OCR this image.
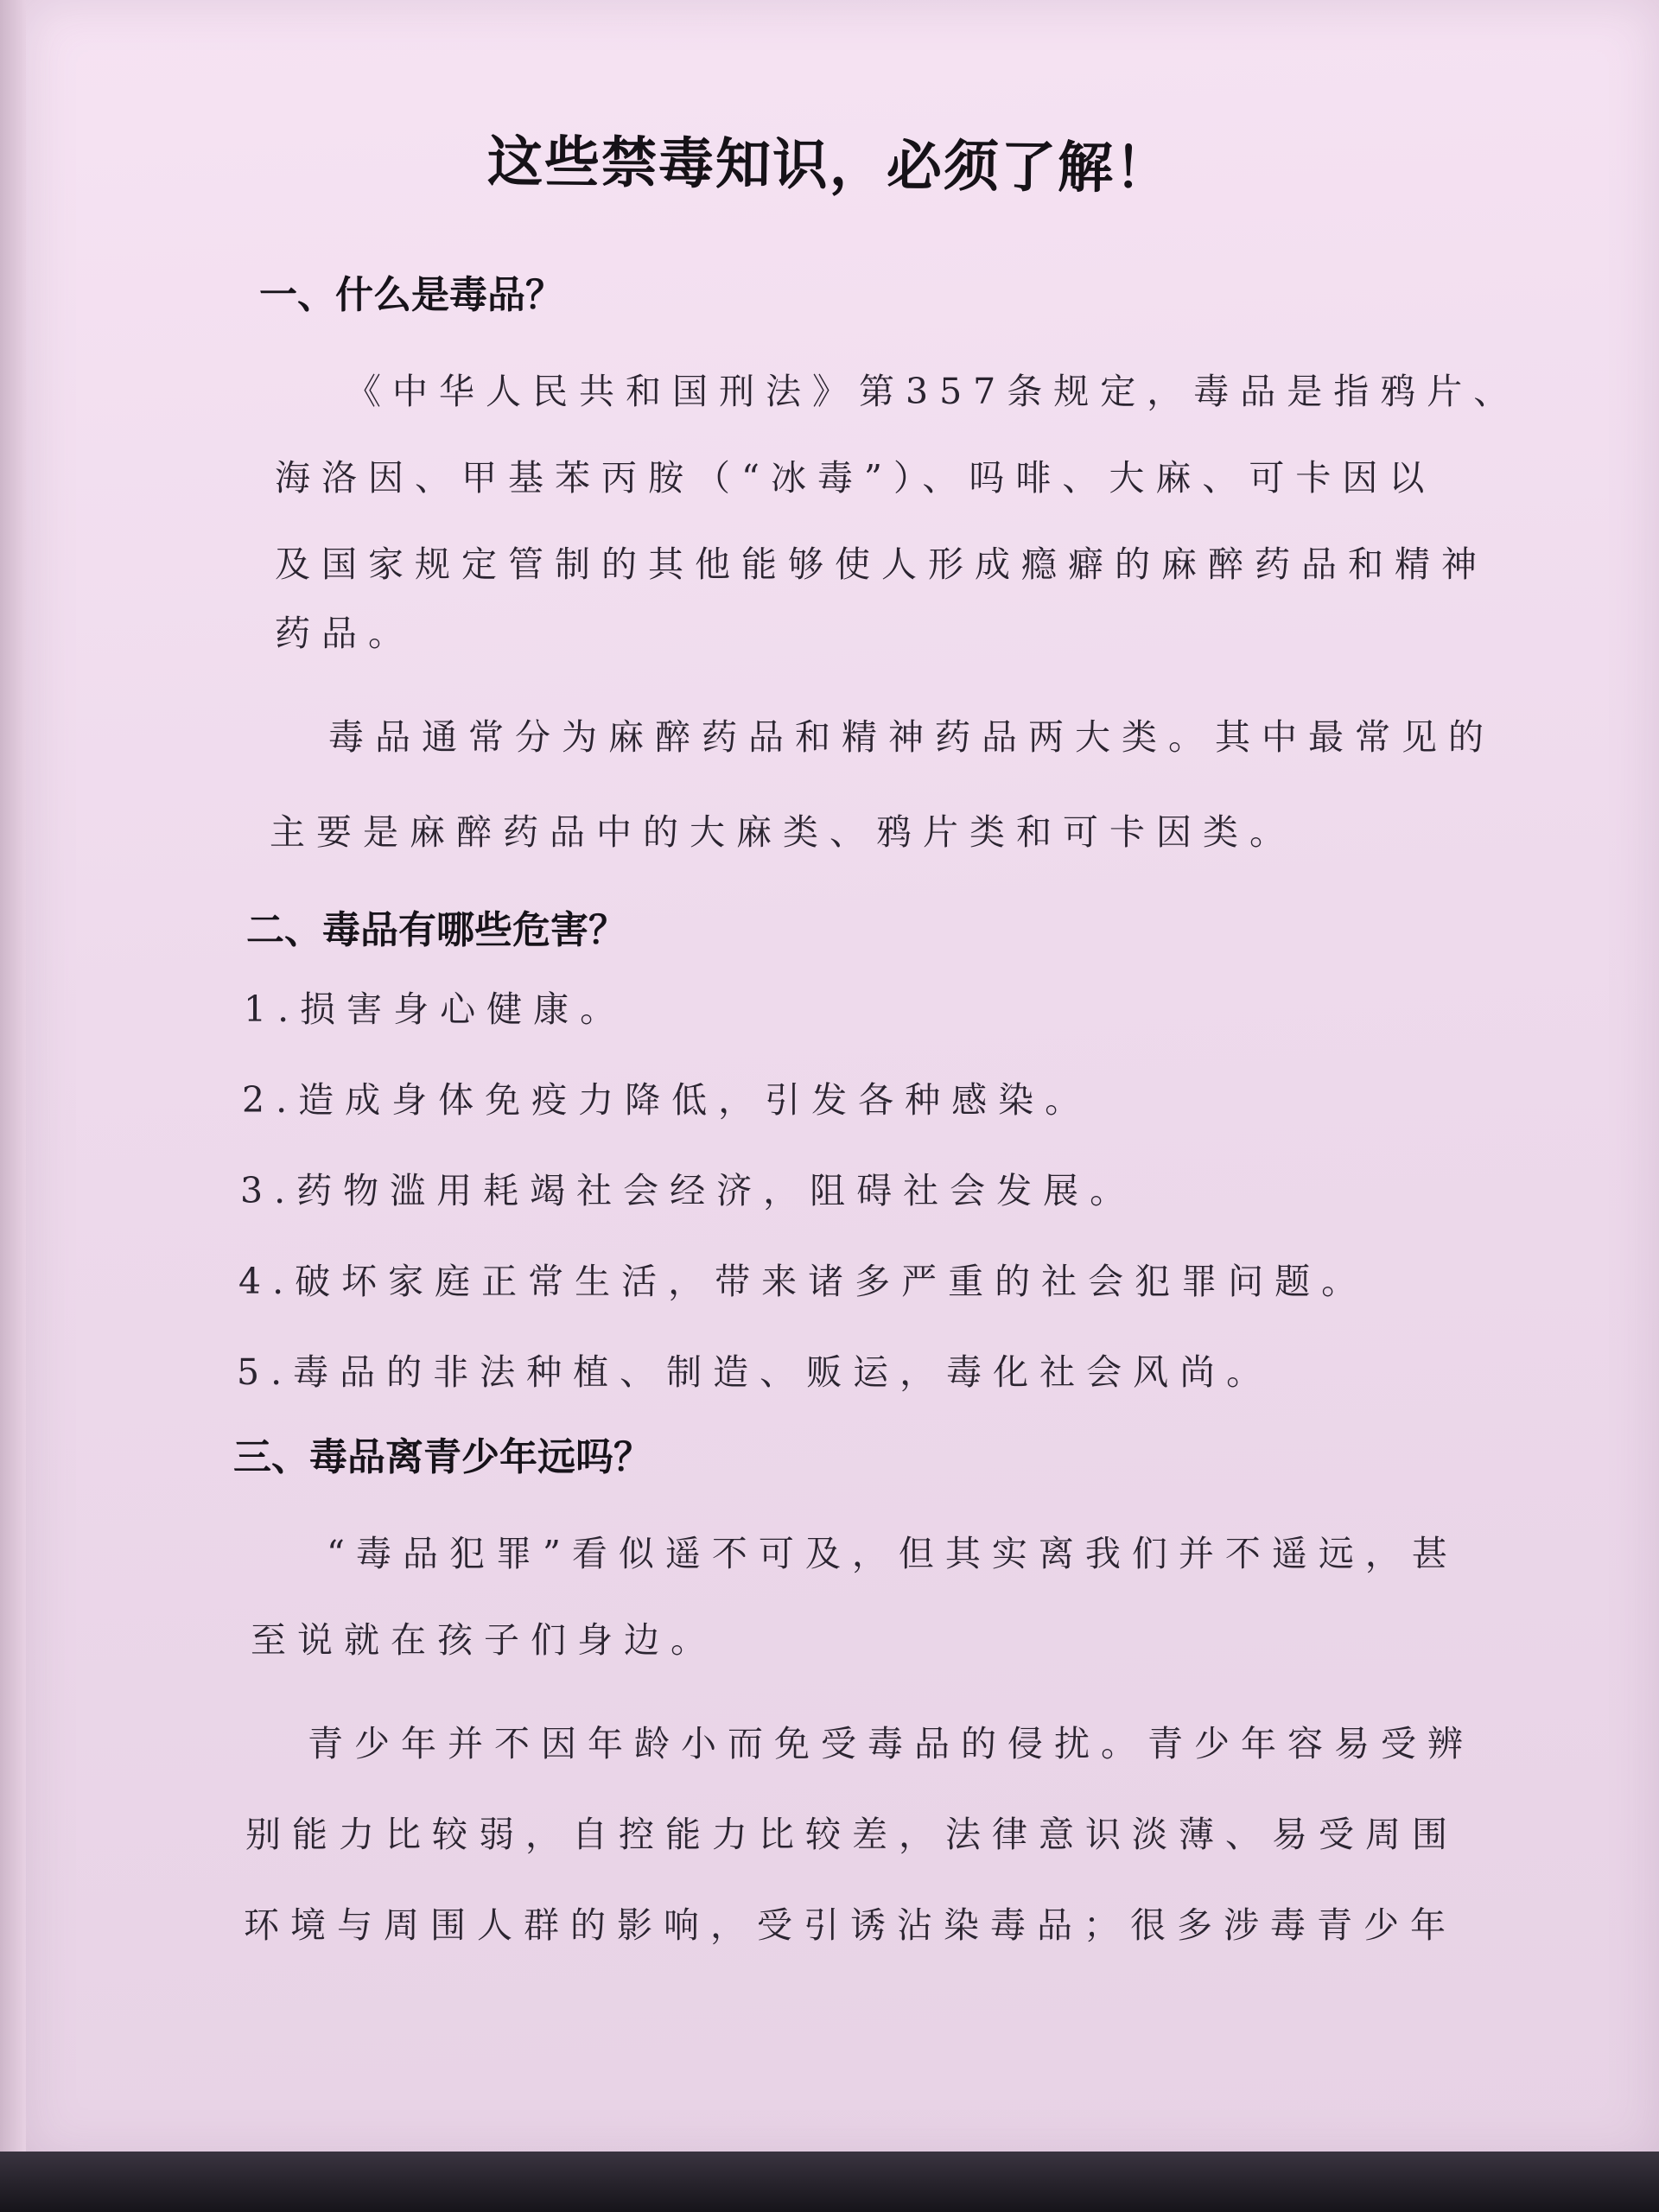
这些禁毒知识，必须了解！
一、什么是毒品？
《中华人民共和国刑法》第357条规定，毒品是指鸦片、
海洛因、甲基苯丙胺（“冰毒”）、吗啡、大麻、可卡因以
及国家规定管制的其他能够使人形成瘾癖的麻醉药品和精神
药品。
毒品通常分为麻醉药品和精神药品两大类。其中最常见的
主要是麻醉药品中的大麻类、鸦片类和可卡因类。
二、毒品有哪些危害？
1.损害身心健康。
2.造成身体免疫力降低，引发各种感染。
3.药物滥用耗竭社会经济，阻碍社会发展。
4.破坏家庭正常生活，带来诸多严重的社会犯罪问题。
5.毒品的非法种植、制造、贩运，毒化社会风尚。
三、毒品离青少年远吗？
“毒品犯罪”看似遥不可及，但其实离我们并不遥远，甚
至说就在孩子们身边。
青少年并不因年龄小而免受毒品的侵扰。青少年容易受辨
别能力比较弱，自控能力比较差，法律意识淡薄、易受周围
环境与周围人群的影响，受引诱沾染毒品；很多涉毒青少年
